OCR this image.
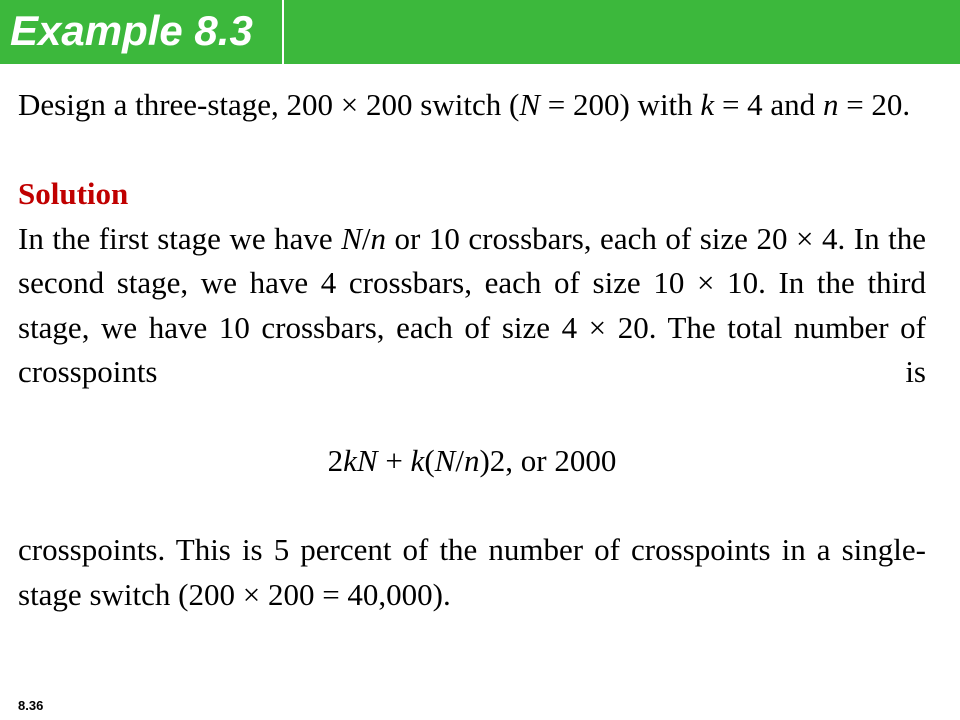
Example 8.3

Design a three-stage, 200 × 200 switch (N = 200) with k = 4 and n = 20.

Solution

In the first stage we have N/n or 10 crossbars, each of size 20 × 4. In the second stage, we have 4 crossbars, each of size 10 × 10. In the third stage, we have 10 crossbars, each of size 4 × 20. The total number of crosspoints is

2kN + k(N/n)2, or 2000

crosspoints. This is 5 percent of the number of crosspoints in a single-stage switch (200 × 200 = 40,000).

8.36
